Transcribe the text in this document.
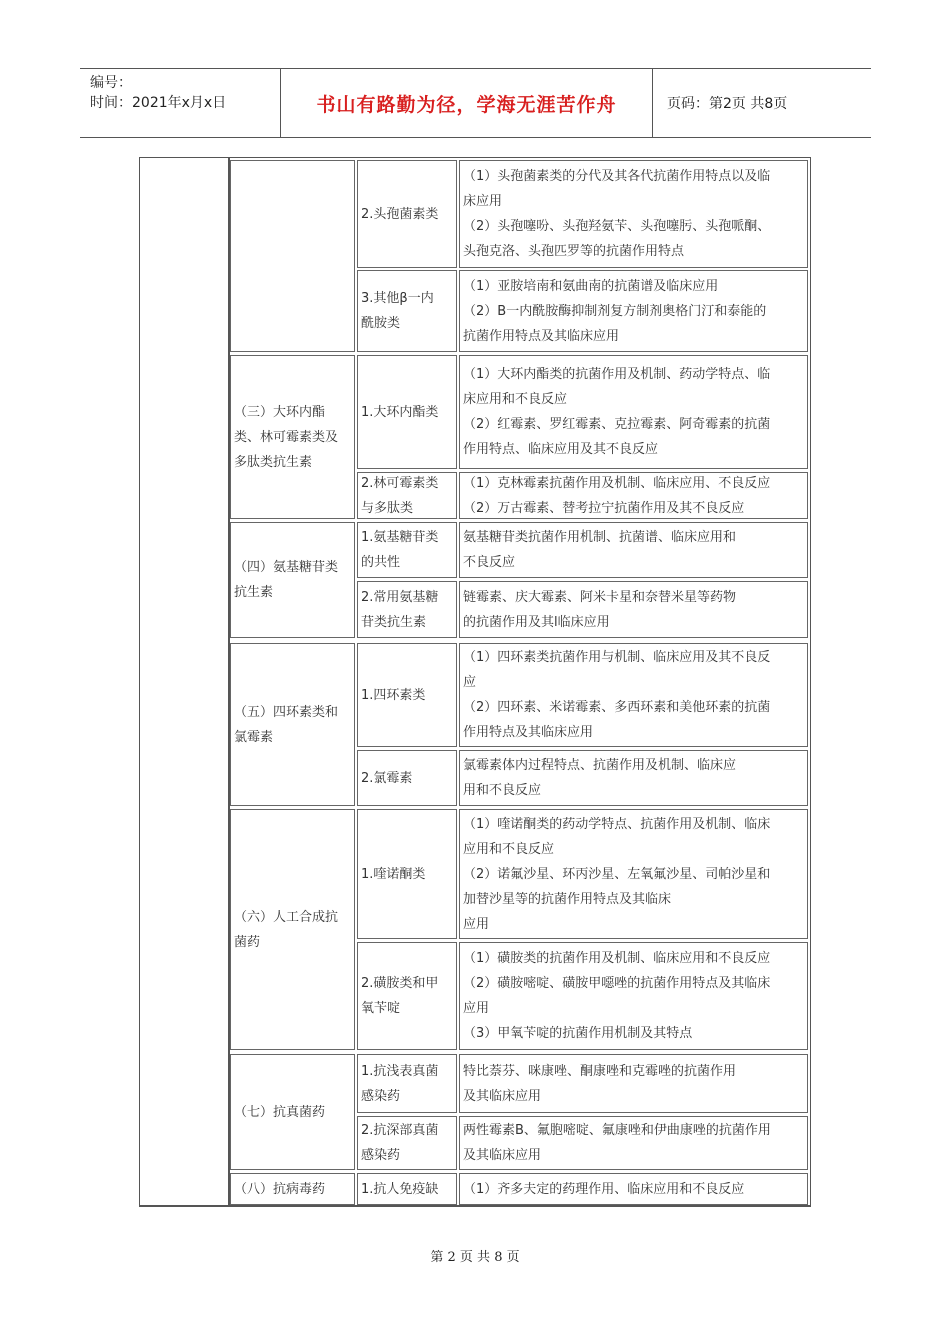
编号：
时间：2021年x月x日	书山有路勤为径，学海无涯苦作舟	页码：第2页 共8页
（三）大环内酯
类、林可霉素类及
多肽类抗生素
（四）氨基糖苷类
抗生素
（五）四环素类和
氯霉素
（六）人工合成抗
菌药
（七）抗真菌药
（八）抗病毒药
2.头孢菌素类
（1）头孢菌素类的分代及其各代抗菌作用特点以及临
床应用
（2）头孢噻吩、头孢羟氨苄、头孢噻肟、头孢哌酮、
头孢克洛、头孢匹罗等的抗菌作用特点
3.其他β一内
酰胺类
（1）亚胺培南和氨曲南的抗菌谱及临床应用
（2）B一内酰胺酶抑制剂复方制剂奥格门汀和泰能的
抗菌作用特点及其临床应用
1.大环内酯类
（1）大环内酯类的抗菌作用及机制、药动学特点、临
床应用和不良反应
（2）红霉素、罗红霉素、克拉霉素、阿奇霉素的抗菌
作用特点、临床应用及其不良反应
2.林可霉素类
与多肽类
（1）克林霉素抗菌作用及机制、临床应用、不良反应
（2）万古霉素、替考拉宁抗菌作用及其不良反应
1.氨基糖苷类
的共性
氨基糖苷类抗菌作用机制、抗菌谱、临床应用和
不良反应
2.常用氨基糖
苷类抗生素
链霉素、庆大霉素、阿米卡星和奈替米星等药物
的抗菌作用及其l临床应用
1.四环素类
（1）四环素类抗菌作用与机制、临床应用及其不良反
应
（2）四环素、米诺霉素、多西环素和美他环素的抗菌
作用特点及其临床应用
2.氯霉素
氯霉素体内过程特点、抗菌作用及机制、临床应
用和不良反应
1.喹诺酮类
（1）喹诺酮类的药动学特点、抗菌作用及机制、临床
应用和不良反应
（2）诺氟沙星、环丙沙星、左氧氟沙星、司帕沙星和
加替沙星等的抗菌作用特点及其临床
应用
2.磺胺类和甲
氧苄啶
（1）磺胺类的抗菌作用及机制、临床应用和不良反应
（2）磺胺嘧啶、磺胺甲噁唑的抗菌作用特点及其临床
应用
（3）甲氧苄啶的抗菌作用机制及其特点
1.抗浅表真菌
感染药
特比萘芬、咪康唑、酮康唑和克霉唑的抗菌作用
及其临床应用
2.抗深部真菌
感染药
两性霉素B、氟胞嘧啶、氟康唑和伊曲康唑的抗菌作用
及其临床应用
1.抗人免疫缺 （1）齐多夫定的药理作用、临床应用和不良反应
第 2 页 共 8 页
